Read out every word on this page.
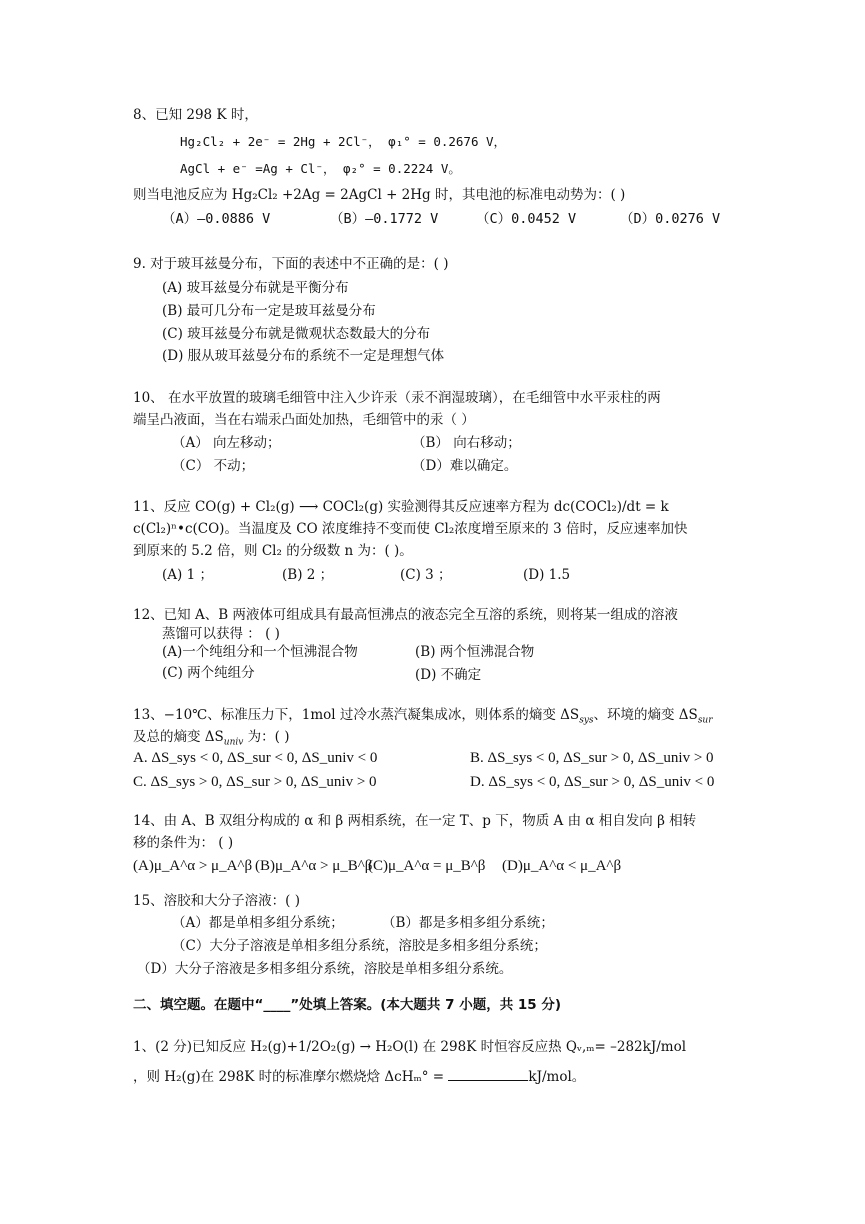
8、已知 298 K 时，
Hg₂Cl₂ + 2e⁻ = 2Hg + 2Cl⁻， φ₁° = 0.2676 V，
AgCl + e⁻ =Ag + Cl⁻， φ₂° = 0.2224 V。
则当电池反应为 Hg₂Cl₂ +2Ag = 2AgCl + 2Hg 时，其电池的标准电动势为：( )
（A）–0.0886 V	（B）–0.1772 V	（C）0.0452 V	（D）0.0276 V
9. 对于玻耳兹曼分布，下面的表述中不正确的是：( )
(A) 玻耳兹曼分布就是平衡分布
(B) 最可几分布一定是玻耳兹曼分布
(C) 玻耳兹曼分布就是微观状态数最大的分布
(D) 服从玻耳兹曼分布的系统不一定是理想气体
10、 在水平放置的玻璃毛细管中注入少许汞（汞不润湿玻璃），在毛细管中水平汞柱的两
端呈凸液面，当在右端汞凸面处加热，毛细管中的汞（ ）
（A） 向左移动；	（B） 向右移动；
（C） 不动；	（D）难以确定。
11、反应 CO(g) + Cl₂(g) ⟶ COCl₂(g) 实验测得其反应速率方程为 dc(COCl₂)/dt = k
c(Cl₂)ⁿ•c(CO)。当温度及 CO 浓度维持不变而使 Cl₂浓度增至原来的 3 倍时，反应速率加快
到原来的 5.2 倍，则 Cl₂ 的分级数 n 为：( )。
(A) 1 ；	(B) 2 ；	(C) 3 ；	(D) 1.5
12、已知 A、B 两液体可组成具有最高恒沸点的液态完全互溶的系统，则将某一组成的溶液
蒸馏可以获得 ： ( )
(A)一个纯组分和一个恒沸混合物	(B) 两个恒沸混合物
(C) 两个纯组分	(D) 不确定
13、−10℃、标准压力下，1mol 过冷水蒸汽凝集成冰，则体系的熵变 $\Delta S_{sys}$、环境的熵变 $\Delta S_{sur}$
及总的熵变 $\Delta S_{univ}$ 为：( )
A. ΔS_sys < 0, ΔS_sur < 0, ΔS_univ < 0	B. ΔS_sys < 0, ΔS_sur > 0, ΔS_univ > 0
C. ΔS_sys > 0, ΔS_sur > 0, ΔS_univ > 0	D. ΔS_sys < 0, ΔS_sur > 0, ΔS_univ < 0
14、由 A、B 双组分构成的 α 和 β 两相系统，在一定 T、p 下，物质 A 由 α 相自发向 β 相转
移的条件为： ( )
(A)μ_A^α > μ_A^β (B)μ_A^α > μ_B^β
(C)μ_A^α = μ_B^β (D)μ_A^α < μ_A^β
15、溶胶和大分子溶液：( )
（A）都是单相多组分系统；	（B）都是多相多组分系统；
（C）大分子溶液是单相多组分系统，溶胶是多相多组分系统；
（D）大分子溶液是多相多组分系统，溶胶是单相多组分系统。
二、填空题。在题中“____”处填上答案。(本大题共 7 小题，共 15 分)
1、(2 分)已知反应 H₂(g)+1/2O₂(g) → H₂O(l) 在 298K 时恒容反应热 Qᵥ,ₘ= –282kJ/mol
，则 H₂(g)在 298K 时的标准摩尔燃烧焓 ΔcHₘ° =	kJ/mol。
